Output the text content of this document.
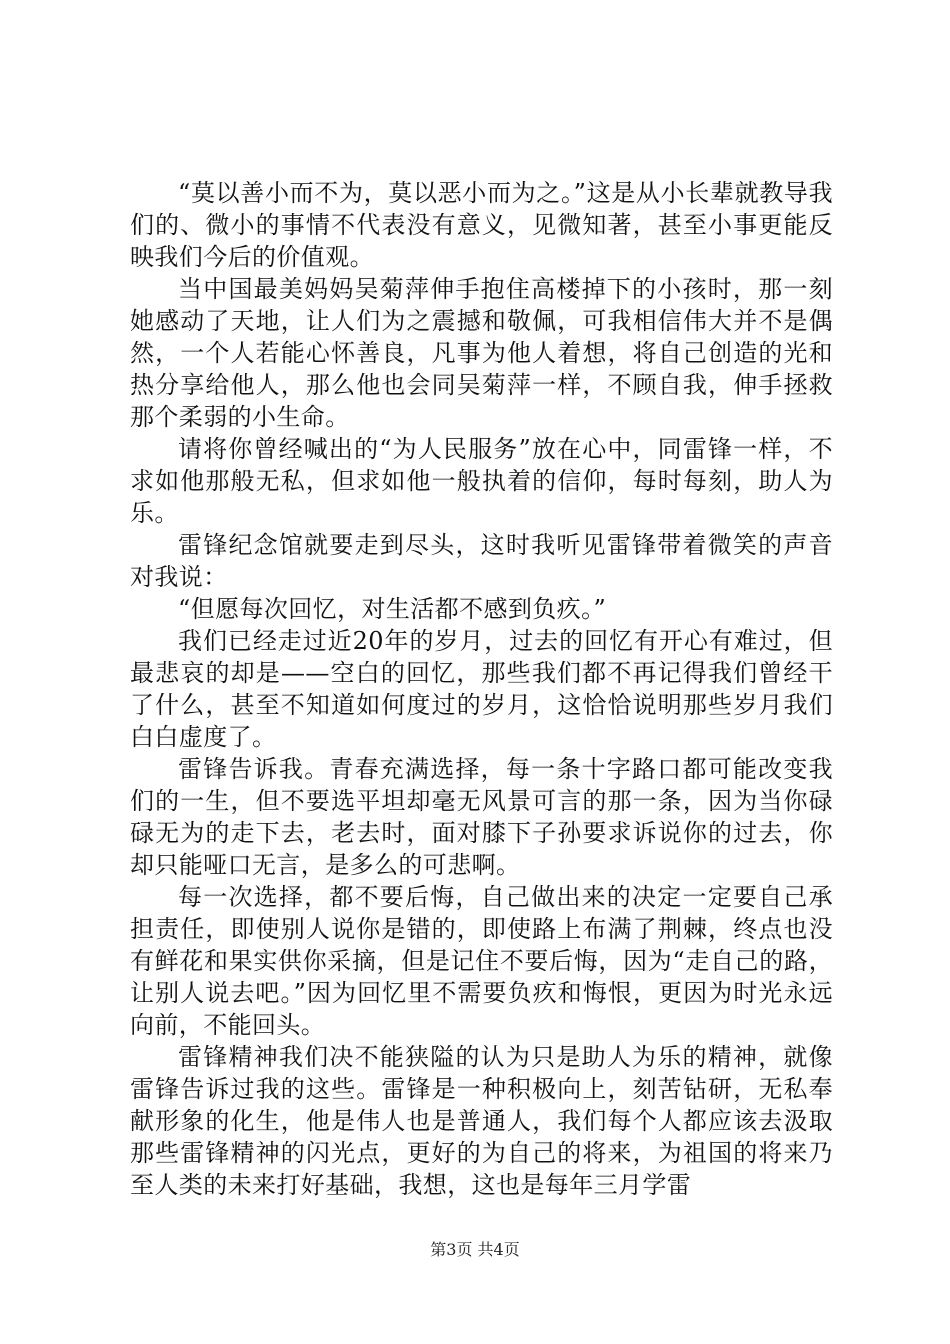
“莫以善小而不为，莫以恶小而为之。”这是从小长辈就教导我们的、微小的事情不代表没有意义，见微知著，甚至小事更能反映我们今后的价值观。

当中国最美妈妈吴菊萍伸手抱住高楼掉下的小孩时，那一刻她感动了天地，让人们为之震撼和敬佩，可我相信伟大并不是偶然，一个人若能心怀善良，凡事为他人着想，将自己创造的光和热分享给他人，那么他也会同吴菊萍一样，不顾自我，伸手拯救那个柔弱的小生命。

请将你曾经喊出的“为人民服务”放在心中，同雷锋一样，不求如他那般无私，但求如他一般执着的信仰，每时每刻，助人为乐。

雷锋纪念馆就要走到尽头，这时我听见雷锋带着微笑的声音对我说：

“但愿每次回忆，对生活都不感到负疚。”

我们已经走过近20年的岁月，过去的回忆有开心有难过，但最悲哀的却是——空白的回忆，那些我们都不再记得我们曾经干了什么，甚至不知道如何度过的岁月，这恰恰说明那些岁月我们白白虚度了。

雷锋告诉我。青春充满选择，每一条十字路口都可能改变我们的一生，但不要选平坦却毫无风景可言的那一条，因为当你碌碌无为的走下去，老去时，面对膝下子孙要求诉说你的过去，你却只能哑口无言，是多么的可悲啊。

每一次选择，都不要后悔，自己做出来的决定一定要自己承担责任，即使别人说你是错的，即使路上布满了荆棘，终点也没有鲜花和果实供你采摘，但是记住不要后悔，因为“走自己的路，让别人说去吧。”因为回忆里不需要负疚和悔恨，更因为时光永远向前，不能回头。

雷锋精神我们决不能狭隘的认为只是助人为乐的精神，就像雷锋告诉过我的这些。雷锋是一种积极向上，刻苦钻研，无私奉献形象的化生，他是伟人也是普通人，我们每个人都应该去汲取那些雷锋精神的闪光点，更好的为自己的将来，为祖国的将来乃至人类的未来打好基础，我想，这也是每年三月学雷

第3页 共4页
